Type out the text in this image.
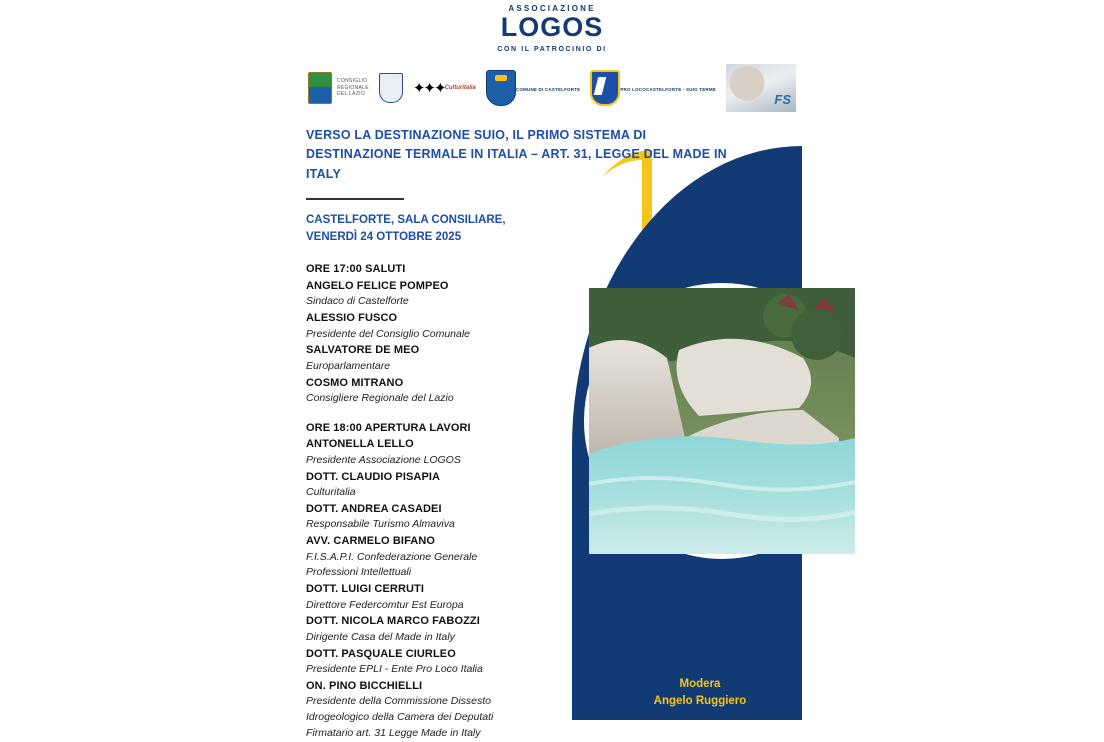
ASSOCIAZIONE
LOGOS
CON IL PATROCINIO DI
CONSIGLIO
REGIONALE
DEL LAZIO	✦✦✦ Culturitalia	COMUNE DI CASTELFORTE	PRO LOCO CASTELFORTE - SUIO TERME
FS
VERSO LA DESTINAZIONE SUIO, IL PRIMO SISTEMA DI DESTINAZIONE TERMALE IN ITALIA – ART. 31, LEGGE DEL MADE IN ITALY
CASTELFORTE, SALA CONSILIARE,
VENERDÌ 24 OTTOBRE 2025
ORE 17:00 SALUTI
ANGELO FELICE POMPEO
Sindaco di Castelforte
ALESSIO FUSCO
Presidente del Consiglio Comunale
SALVATORE DE MEO
Europarlamentare
COSMO MITRANO
Consigliere Regionale del Lazio
ORE 18:00 APERTURA LAVORI
ANTONELLA LELLO
Presidente Associazione LOGOS
DOTT. CLAUDIO PISAPIA
Culturitalia
DOTT. ANDREA CASADEI
Responsabile Turismo Almaviva
AVV. CARMELO BIFANO
F.I.S.A.P.I. Confederazione Generale
Professioni Intellettuali
DOTT. LUIGI CERRUTI
Direttore Federcomtur Est Europa
DOTT. NICOLA MARCO FABOZZI
Dirigente Casa del Made in Italy
DOTT. PASQUALE CIURLEO
Presidente EPLI - Ente Pro Loco Italia
ON. PINO BICCHIELLI
Presidente della Commissione Dissesto
Idrogeologico della Camera dei Deputati
Firmatario art. 31 Legge Made in Italy
Modera
Angelo Ruggiero
